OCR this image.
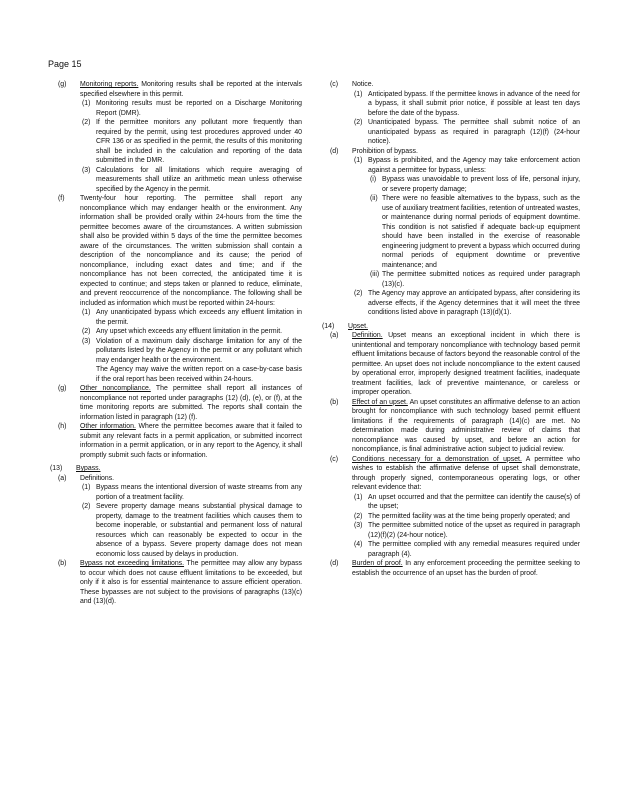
Page 15
(g) Monitoring reports. Monitoring results shall be reported at the intervals specified elsewhere in this permit.
(1) Monitoring results must be reported on a Discharge Monitoring Report (DMR).
(2) If the permittee monitors any pollutant more frequently than required by the permit, using test procedures approved under 40 CFR 136 or as specified in the permit, the results of this monitoring shall be included in the calculation and reporting of the data submitted in the DMR.
(3) Calculations for all limitations which require averaging of measurements shall utilize an arithmetic mean unless otherwise specified by the Agency in the permit.
(f) Twenty-four hour reporting. The permittee shall report any noncompliance which may endanger health or the environment. Any information shall be provided orally within 24-hours from the time the permittee becomes aware of the circumstances. A written submission shall also be provided within 5 days of the time the permittee becomes aware of the circumstances. The written submission shall contain a description of the noncompliance and its cause; the period of noncompliance, including exact dates and time; and if the noncompliance has not been corrected, the anticipated time it is expected to continue; and steps taken or planned to reduce, eliminate, and prevent reoccurrence of the noncompliance. The following shall be included as information which must be reported within 24-hours:
(1) Any unanticipated bypass which exceeds any effluent limitation in the permit.
(2) Any upset which exceeds any effluent limitation in the permit.
(3) Violation of a maximum daily discharge limitation for any of the pollutants listed by the Agency in the permit or any pollutant which may endanger health or the environment.
The Agency may waive the written report on a case-by-case basis if the oral report has been received within 24-hours.
(g) Other noncompliance. The permittee shall report all instances of noncompliance not reported under paragraphs (12) (d), (e), or (f), at the time monitoring reports are submitted. The reports shall contain the information listed in paragraph (12) (f).
(h) Other information. Where the permittee becomes aware that it failed to submit any relevant facts in a permit application, or submitted incorrect information in a permit application, or in any report to the Agency, it shall promptly submit such facts or information.
(13) Bypass.
(a) Definitions.
(1) Bypass means the intentional diversion of waste streams from any portion of a treatment facility.
(2) Severe property damage means substantial physical damage to property, damage to the treatment facilities which causes them to become inoperable, or substantial and permanent loss of natural resources which can reasonably be expected to occur in the absence of a bypass. Severe property damage does not mean economic loss caused by delays in production.
(b) Bypass not exceeding limitations. The permittee may allow any bypass to occur which does not cause effluent limitations to be exceeded, but only if it also is for essential maintenance to assure efficient operation. These bypasses are not subject to the provisions of paragraphs (13)(c) and (13)(d).
(c) Notice.
(1) Anticipated bypass. If the permittee knows in advance of the need for a bypass, it shall submit prior notice, if possible at least ten days before the date of the bypass.
(2) Unanticipated bypass. The permittee shall submit notice of an unanticipated bypass as required in paragraph (12)(f) (24-hour notice).
(d) Prohibition of bypass.
(1) Bypass is prohibited, and the Agency may take enforcement action against a permittee for bypass, unless:
(i) Bypass was unavoidable to prevent loss of life, personal injury, or severe property damage;
(ii) There were no feasible alternatives to the bypass, such as the use of auxiliary treatment facilities, retention of untreated wastes, or maintenance during normal periods of equipment downtime. This condition is not satisfied if adequate back-up equipment should have been installed in the exercise of reasonable engineering judgment to prevent a bypass which occurred during normal periods of equipment downtime or preventive maintenance; and
(iii) The permittee submitted notices as required under paragraph (13)(c).
(2) The Agency may approve an anticipated bypass, after considering its adverse effects, if the Agency determines that it will meet the three conditions listed above in paragraph (13)(d)(1).
(14) Upset.
(a) Definition. Upset means an exceptional incident in which there is unintentional and temporary noncompliance with technology based permit effluent limitations because of factors beyond the reasonable control of the permittee. An upset does not include noncompliance to the extent caused by operational error, improperly designed treatment facilities, inadequate treatment facilities, lack of preventive maintenance, or careless or improper operation.
(b) Effect of an upset. An upset constitutes an affirmative defense to an action brought for noncompliance with such technology based permit effluent limitations if the requirements of paragraph (14)(c) are met. No determination made during administrative review of claims that noncompliance was caused by upset, and before an action for noncompliance, is final administrative action subject to judicial review.
(c) Conditions necessary for a demonstration of upset. A permittee who wishes to establish the affirmative defense of upset shall demonstrate, through properly signed, contemporaneous operating logs, or other relevant evidence that:
(1) An upset occurred and that the permittee can identify the cause(s) of the upset;
(2) The permitted facility was at the time being properly operated; and
(3) The permittee submitted notice of the upset as required in paragraph (12)(f)(2) (24-hour notice).
(4) The permittee complied with any remedial measures required under paragraph (4).
(d) Burden of proof. In any enforcement proceeding the permittee seeking to establish the occurrence of an upset has the burden of proof.
